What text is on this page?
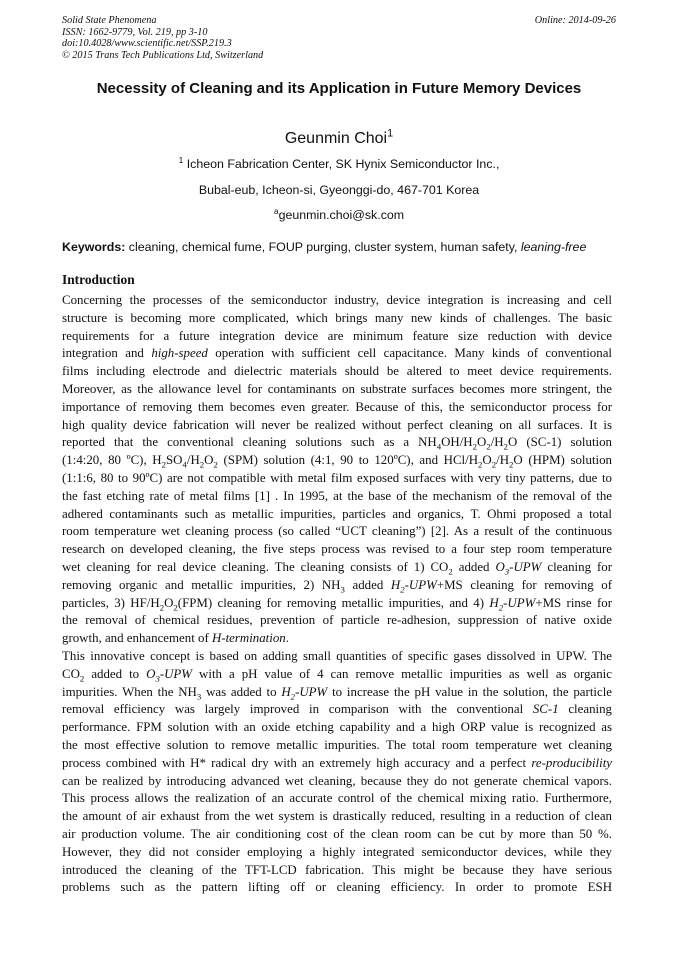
Solid State Phenomena
ISSN: 1662-9779, Vol. 219, pp 3-10
doi:10.4028/www.scientific.net/SSP.219.3
© 2015 Trans Tech Publications Ltd, Switzerland
Online: 2014-09-26
Necessity of Cleaning and its Application in Future Memory Devices
Geunmin Choi$^1$
$^1$ Icheon Fabrication Center, SK Hynix Semiconductor Inc.,
Bubal-eub, Icheon-si, Gyeonggi-do, 467-701 Korea
$^a$geunmin.choi@sk.com
Keywords: cleaning, chemical fume, FOUP purging, cluster system, human safety, leaning-free
Introduction
Concerning the processes of the semiconductor industry, device integration is increasing and cell
structure is becoming more complicated, which brings many new kinds of challenges. The basic
requirements for a future integration device are minimum feature size reduction with device
integration and high-speed operation with sufficient cell capacitance. Many kinds of conventional
films including electrode and dielectric materials should be altered to meet device requirements.
Moreover, as the allowance level for contaminants on substrate surfaces becomes more stringent, the
importance of removing them becomes even greater. Because of this, the semiconductor process for
high quality device fabrication will never be realized without perfect cleaning on all surfaces. It is
reported that the conventional cleaning solutions such as a $NH_4OH/H_2O_2/H_2O$ (SC-1) solution
(1:4:20, 80 ºC), $H_2SO_4/H_2O_2$ (SPM) solution (4:1, 90 to 120ºC), and HCl/$H_2O_2/H_2O$ (HPM) solution
(1:1:6, 80 to 90ºC) are not compatible with metal film exposed surfaces with very tiny patterns, due to
the fast etching rate of metal films [1] . In 1995, at the base of the mechanism of the removal of the
adhered contaminants such as metallic impurities, particles and organics, T. Ohmi proposed a total
room temperature wet cleaning process (so called “UCT cleaning”) [2]. As a result of the continuous
research on developed cleaning, the five steps process was revised to a four step room temperature
wet cleaning for real device cleaning. The cleaning consists of 1) $CO_2$ added $O_3$-UPW cleaning for
removing organic and metallic impurities, 2) $NH_3$ added $H_2-UPW+MS$ cleaning for removing of
particles, 3) $HF/H_2O_2(FPM)$ cleaning for removing metallic impurities, and 4) $H_2-UPW+MS$ rinse for
the removal of chemical residues, prevention of particle re-adhesion, suppression of native oxide
growth, and enhancement of H-termination.
This innovative concept is based on adding small quantities of specific gases dissolved in UPW. The
$CO_2$ added to $O_3$-UPW with a pH value of 4 can remove metallic impurities as well as organic
impurities. When the $NH_3$ was added to $H_2$-UPW to increase the pH value in the solution, the particle
removal efficiency was largely improved in comparison with the conventional SC-1 cleaning
performance. FPM solution with an oxide etching capability and a high ORP value is recognized as
the most effective solution to remove metallic impurities. The total room temperature wet cleaning
process combined with H* radical dry with an extremely high accuracy and a perfect re-producibility
can be realized by introducing advanced wet cleaning, because they do not generate chemical vapors.
This process allows the realization of an accurate control of the chemical mixing ratio. Furthermore,
the amount of air exhaust from the wet system is drastically reduced, resulting in a reduction of clean
air production volume. The air conditioning cost of the clean room can be cut by more than 50 %.
However, they did not consider employing a highly integrated semiconductor devices, while they
introduced the cleaning of the TFT-LCD fabrication. This might be because they have serious
problems such as the pattern lifting off or cleaning efficiency. In order to promote ESH
